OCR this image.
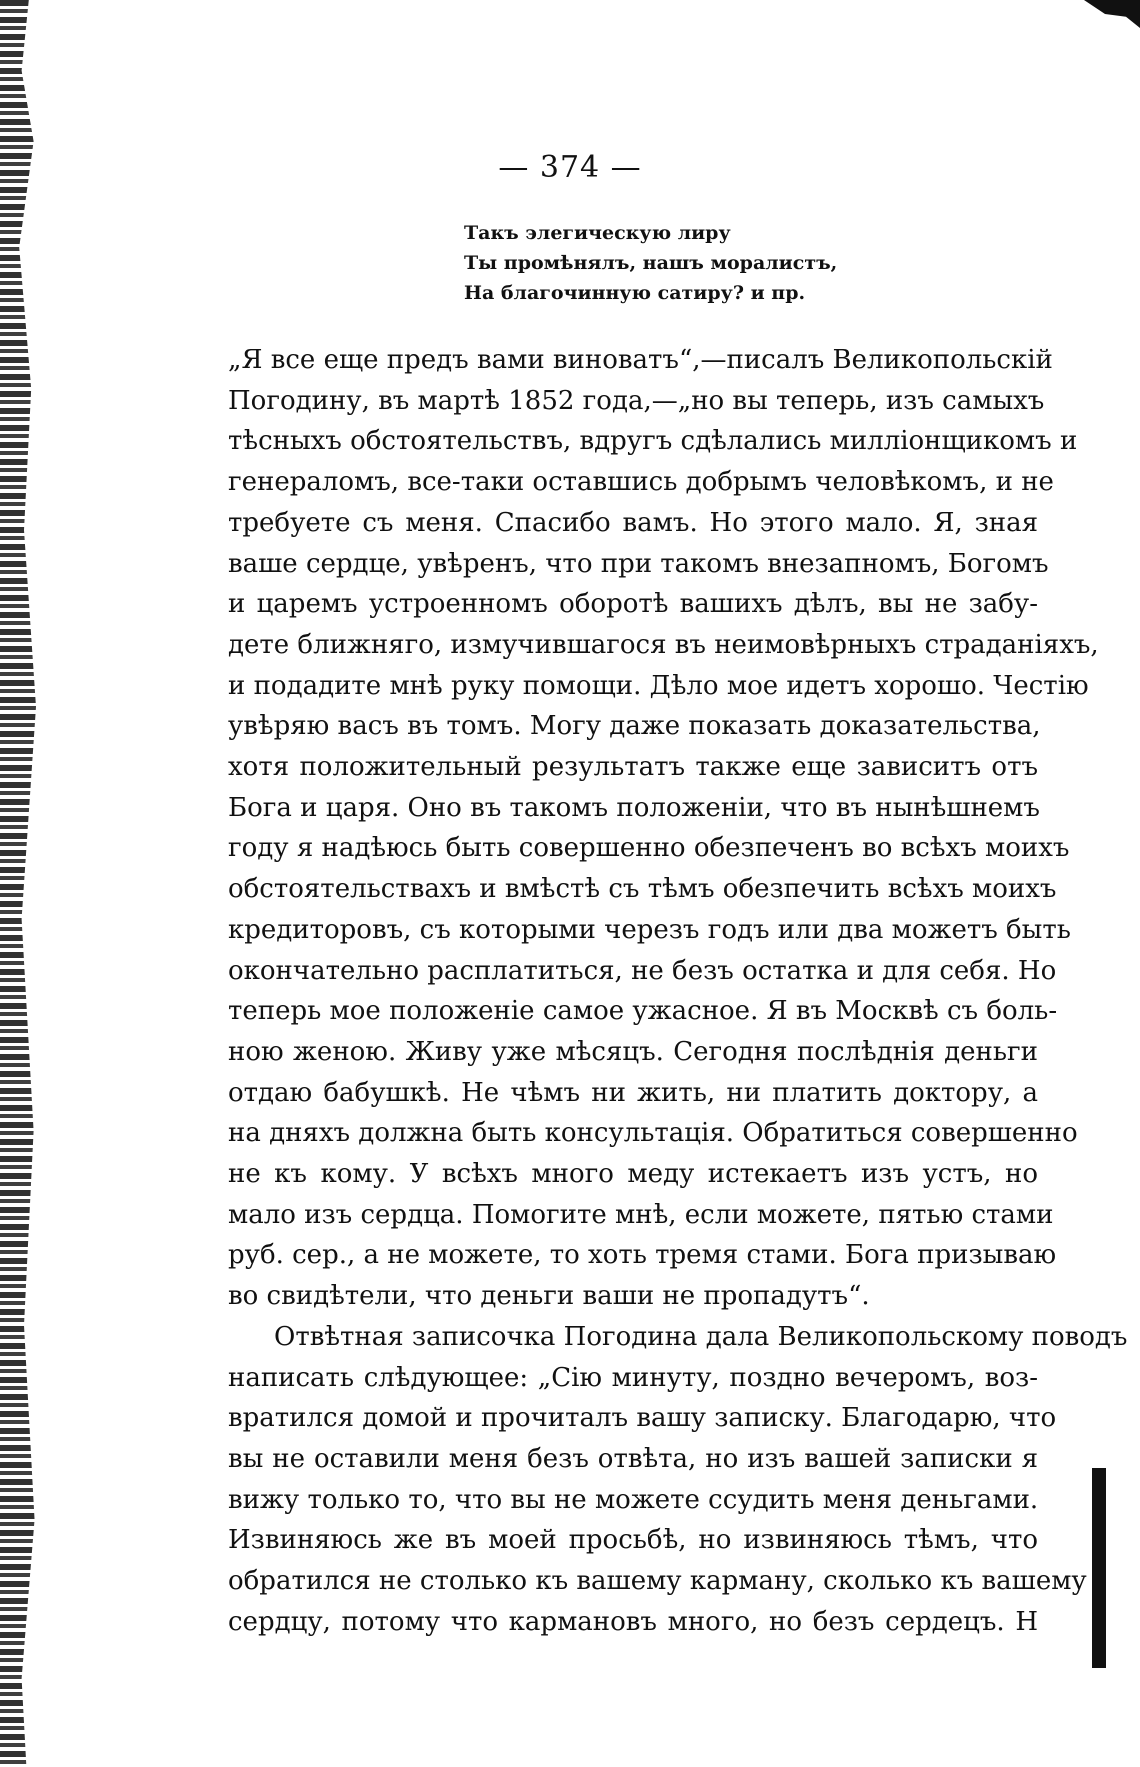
— 374 —
Такъ элегическую лиру
Ты промѣнялъ, нашъ моралистъ,
На благочинную сатиру? и пр.
„Я все еще предъ вами виноватъ“,—писалъ Великопольскій
Погодину, въ мартѣ 1852 года,—„но вы теперь, изъ самыхъ
тѣсныхъ обстоятельствъ, вдругъ сдѣлались милліонщикомъ и
генераломъ, все-таки оставшись добрымъ человѣкомъ, и не
требуете съ меня. Спасибо вамъ. Но этого мало. Я, зная
ваше сердце, увѣренъ, что при такомъ внезапномъ, Богомъ
и царемъ устроенномъ оборотѣ вашихъ дѣлъ, вы не забу-
дете ближняго, измучившагося въ неимовѣрныхъ страданіяхъ,
и подадите мнѣ руку помощи. Дѣло мое идетъ хорошо. Честію
увѣряю васъ въ томъ. Могу даже показать доказательства,
хотя положительный результатъ также еще зависитъ отъ
Бога и царя. Оно въ такомъ положеніи, что въ нынѣшнемъ
году я надѣюсь быть совершенно обезпеченъ во всѣхъ моихъ
обстоятельствахъ и вмѣстѣ съ тѣмъ обезпечить всѣхъ моихъ
кредиторовъ, съ которыми черезъ годъ или два можетъ быть
окончательно расплатиться, не безъ остатка и для себя. Но
теперь мое положеніе самое ужасное. Я въ Москвѣ съ боль-
ною женою. Живу уже мѣсяцъ. Сегодня послѣднія деньги
отдаю бабушкѣ. Не чѣмъ ни жить, ни платить доктору, а
на дняхъ должна быть консультація. Обратиться совершенно
не къ кому. У всѣхъ много меду истекаетъ изъ устъ, но
мало изъ сердца. Помогите мнѣ, если можете, пятью стами
руб. сер., а не можете, то хоть тремя стами. Бога призываю
во свидѣтели, что деньги ваши не пропадутъ“.
Отвѣтная записочка Погодина дала Великопольскому поводъ
написать слѣдующее: „Сію минуту, поздно вечеромъ, воз-
вратился домой и прочиталъ вашу записку. Благодарю, что
вы не оставили меня безъ отвѣта, но изъ вашей записки я
вижу только то, что вы не можете ссудить меня деньгами.
Извиняюсь же въ моей просьбѣ, но извиняюсь тѣмъ, что
обратился не столько къ вашему карману, сколько къ вашему
сердцу, потому что кармановъ много, но безъ сердецъ. Н
